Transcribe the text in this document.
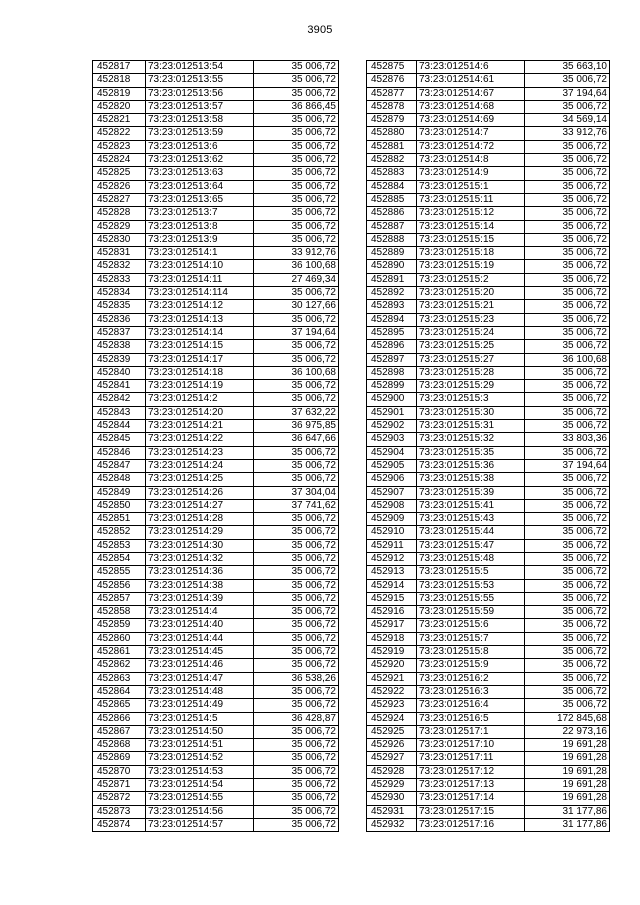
3905
452817	73:23:012513:54	35 006,72
452818	73:23:012513:55	35 006,72
452819	73:23:012513:56	35 006,72
452820	73:23:012513:57	36 866,45
452821	73:23:012513:58	35 006,72
452822	73:23:012513:59	35 006,72
452823	73:23:012513:6	35 006,72
452824	73:23:012513:62	35 006,72
452825	73:23:012513:63	35 006,72
452826	73:23:012513:64	35 006,72
452827	73:23:012513:65	35 006,72
452828	73:23:012513:7	35 006,72
452829	73:23:012513:8	35 006,72
452830	73:23:012513:9	35 006,72
452831	73:23:012514:1	33 912,76
452832	73:23:012514:10	36 100,68
452833	73:23:012514:11	27 469,34
452834	73:23:012514:114	35 006,72
452835	73:23:012514:12	30 127,66
452836	73:23:012514:13	35 006,72
452837	73:23:012514:14	37 194,64
452838	73:23:012514:15	35 006,72
452839	73:23:012514:17	35 006,72
452840	73:23:012514:18	36 100,68
452841	73:23:012514:19	35 006,72
452842	73:23:012514:2	35 006,72
452843	73:23:012514:20	37 632,22
452844	73:23:012514:21	36 975,85
452845	73:23:012514:22	36 647,66
452846	73:23:012514:23	35 006,72
452847	73:23:012514:24	35 006,72
452848	73:23:012514:25	35 006,72
452849	73:23:012514:26	37 304,04
452850	73:23:012514:27	37 741,62
452851	73:23:012514:28	35 006,72
452852	73:23:012514:29	35 006,72
452853	73:23:012514:30	35 006,72
452854	73:23:012514:32	35 006,72
452855	73:23:012514:36	35 006,72
452856	73:23:012514:38	35 006,72
452857	73:23:012514:39	35 006,72
452858	73:23:012514:4	35 006,72
452859	73:23:012514:40	35 006,72
452860	73:23:012514:44	35 006,72
452861	73:23:012514:45	35 006,72
452862	73:23:012514:46	35 006,72
452863	73:23:012514:47	36 538,26
452864	73:23:012514:48	35 006,72
452865	73:23:012514:49	35 006,72
452866	73:23:012514:5	36 428,87
452867	73:23:012514:50	35 006,72
452868	73:23:012514:51	35 006,72
452869	73:23:012514:52	35 006,72
452870	73:23:012514:53	35 006,72
452871	73:23:012514:54	35 006,72
452872	73:23:012514:55	35 006,72
452873	73:23:012514:56	35 006,72
452874	73:23:012514:57	35 006,72
452875	73:23:012514:6	35 663,10
452876	73:23:012514:61	35 006,72
452877	73:23:012514:67	37 194,64
452878	73:23:012514:68	35 006,72
452879	73:23:012514:69	34 569,14
452880	73:23:012514:7	33 912,76
452881	73:23:012514:72	35 006,72
452882	73:23:012514:8	35 006,72
452883	73:23:012514:9	35 006,72
452884	73:23:012515:1	35 006,72
452885	73:23:012515:11	35 006,72
452886	73:23:012515:12	35 006,72
452887	73:23:012515:14	35 006,72
452888	73:23:012515:15	35 006,72
452889	73:23:012515:18	35 006,72
452890	73:23:012515:19	35 006,72
452891	73:23:012515:2	35 006,72
452892	73:23:012515:20	35 006,72
452893	73:23:012515:21	35 006,72
452894	73:23:012515:23	35 006,72
452895	73:23:012515:24	35 006,72
452896	73:23:012515:25	35 006,72
452897	73:23:012515:27	36 100,68
452898	73:23:012515:28	35 006,72
452899	73:23:012515:29	35 006,72
452900	73:23:012515:3	35 006,72
452901	73:23:012515:30	35 006,72
452902	73:23:012515:31	35 006,72
452903	73:23:012515:32	33 803,36
452904	73:23:012515:35	35 006,72
452905	73:23:012515:36	37 194,64
452906	73:23:012515:38	35 006,72
452907	73:23:012515:39	35 006,72
452908	73:23:012515:41	35 006,72
452909	73:23:012515:43	35 006,72
452910	73:23:012515:44	35 006,72
452911	73:23:012515:47	35 006,72
452912	73:23:012515:48	35 006,72
452913	73:23:012515:5	35 006,72
452914	73:23:012515:53	35 006,72
452915	73:23:012515:55	35 006,72
452916	73:23:012515:59	35 006,72
452917	73:23:012515:6	35 006,72
452918	73:23:012515:7	35 006,72
452919	73:23:012515:8	35 006,72
452920	73:23:012515:9	35 006,72
452921	73:23:012516:2	35 006,72
452922	73:23:012516:3	35 006,72
452923	73:23:012516:4	35 006,72
452924	73:23:012516:5	172 845,68
452925	73:23:012517:1	22 973,16
452926	73:23:012517:10	19 691,28
452927	73:23:012517:11	19 691,28
452928	73:23:012517:12	19 691,28
452929	73:23:012517:13	19 691,28
452930	73:23:012517:14	19 691,28
452931	73:23:012517:15	31 177,86
452932	73:23:012517:16	31 177,86
